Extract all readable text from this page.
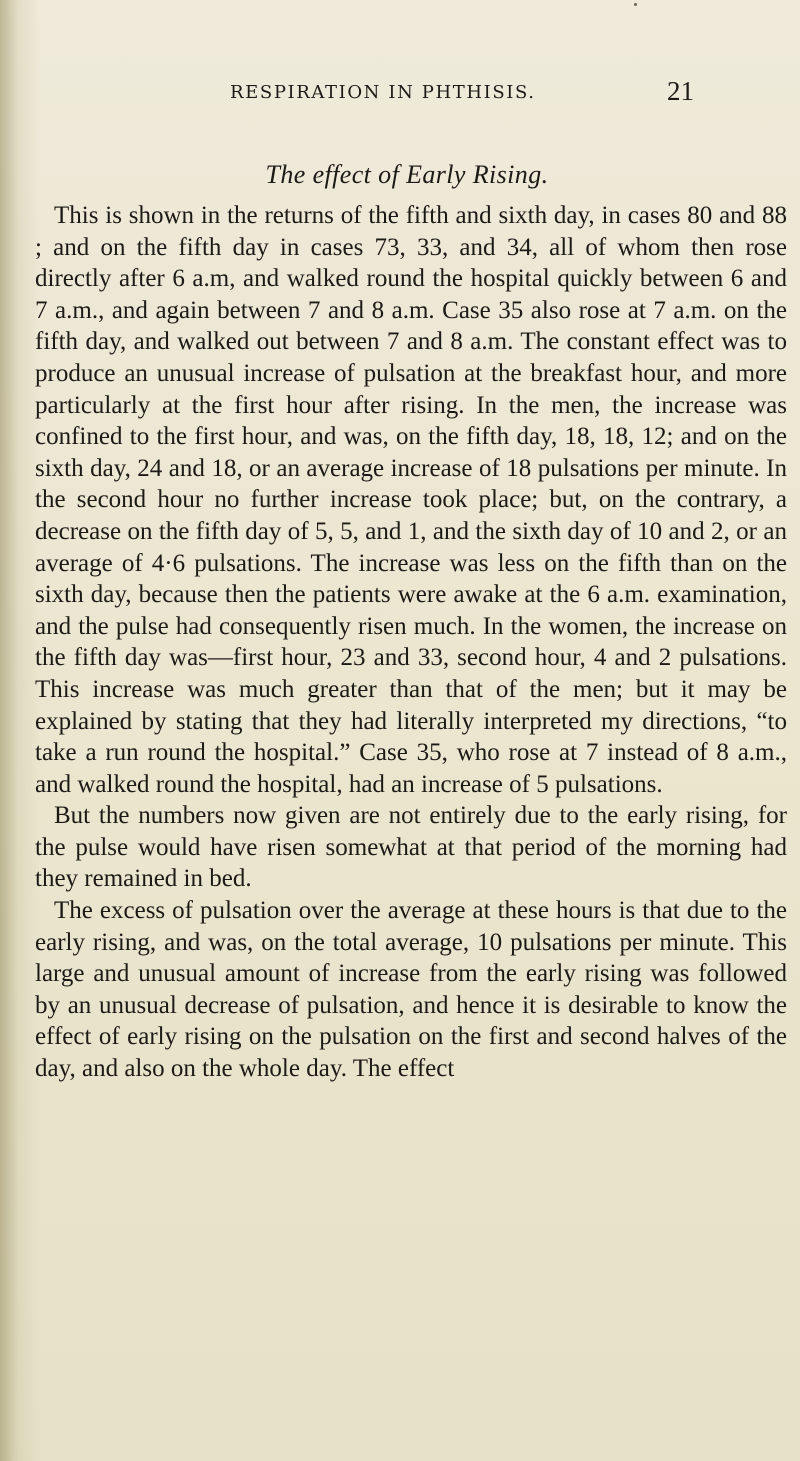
RESPIRATION IN PHTHISIS.	21
The effect of Early Rising.

This is shown in the returns of the fifth and sixth day, in cases 80 and 88 ; and on the fifth day in cases 73, 33, and 34, all of whom then rose directly after 6 a.m, and walked round the hospital quickly between 6 and 7 a.m., and again between 7 and 8 a.m. Case 35 also rose at 7 a.m. on the fifth day, and walked out between 7 and 8 a.m. The constant effect was to produce an unusual increase of pulsation at the breakfast hour, and more particularly at the first hour after rising. In the men, the increase was confined to the first hour, and was, on the fifth day, 18, 18, 12; and on the sixth day, 24 and 18, or an average increase of 18 pulsations per minute. In the second hour no further increase took place; but, on the contrary, a decrease on the fifth day of 5, 5, and 1, and the sixth day of 10 and 2, or an average of 4·6 pulsations. The increase was less on the fifth than on the sixth day, because then the patients were awake at the 6 a.m. examination, and the pulse had consequently risen much. In the women, the increase on the fifth day was—first hour, 23 and 33, second hour, 4 and 2 pulsations. This increase was much greater than that of the men; but it may be explained by stating that they had literally interpreted my directions, “to take a run round the hospital.” Case 35, who rose at 7 instead of 8 a.m., and walked round the hospital, had an increase of 5 pulsations.

But the numbers now given are not entirely due to the early rising, for the pulse would have risen somewhat at that period of the morning had they remained in bed.

The excess of pulsation over the average at these hours is that due to the early rising, and was, on the total average, 10 pulsations per minute. This large and unusual amount of increase from the early rising was followed by an unusual decrease of pulsation, and hence it is desirable to know the effect of early rising on the pulsation on the first and second halves of the day, and also on the whole day. The effect
